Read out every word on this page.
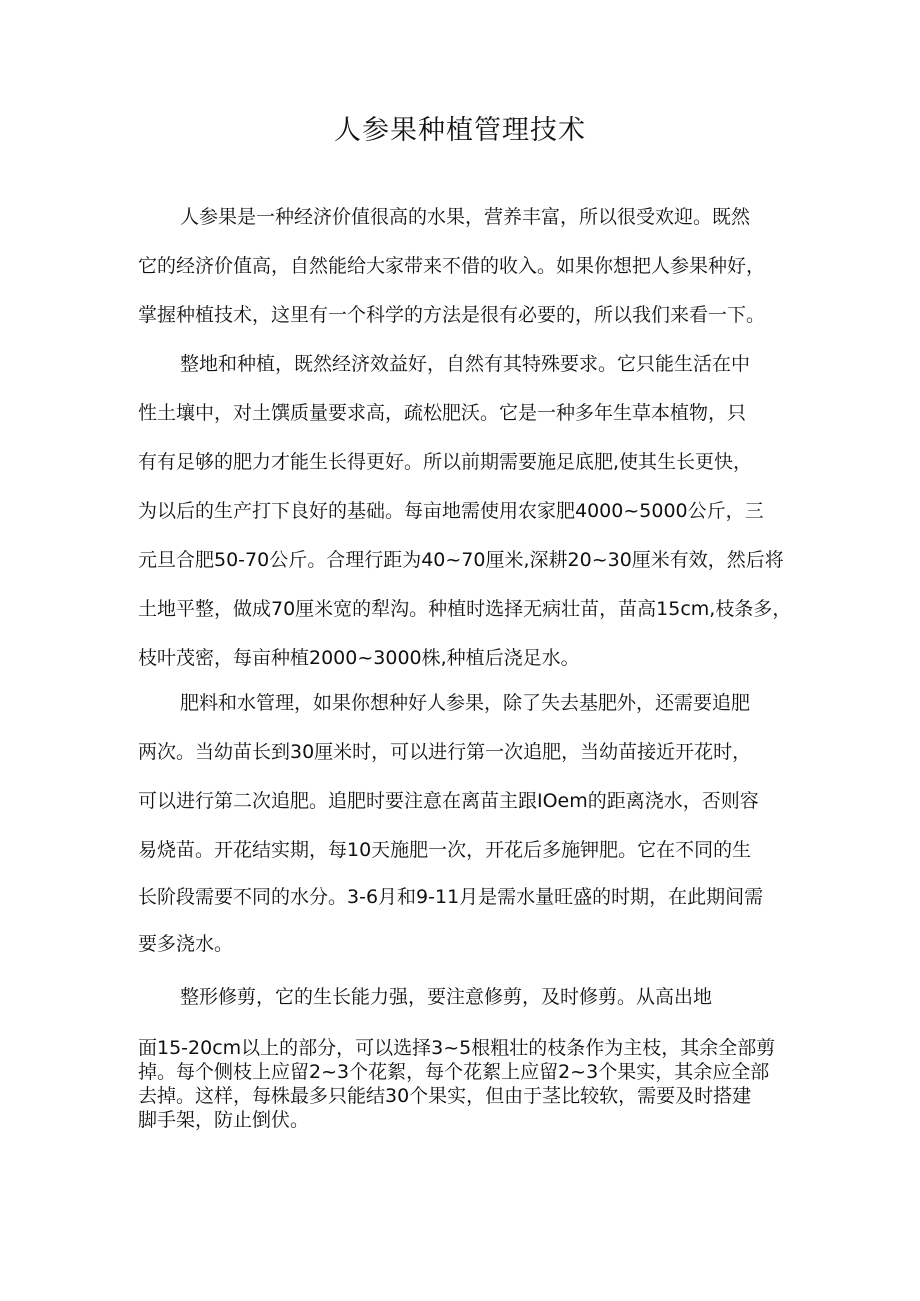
人参果种植管理技术

人参果是一种经济价值很高的水果，营养丰富，所以很受欢迎。既然

它的经济价值高，自然能给大家带来不借的收入。如果你想把人参果种好，

掌握种植技术，这里有一个科学的方法是很有必要的，所以我们来看一下。

整地和种植，既然经济效益好，自然有其特殊要求。它只能生活在中

性土壤中，对土馔质量要求高，疏松肥沃。它是一种多年生草本植物，只

有有足够的肥力才能生长得更好。所以前期需要施足底肥,使其生长更快，

为以后的生产打下良好的基础。每亩地需使用农家肥4000~5000公斤，三

元旦合肥50-70公斤。合理行距为40~70厘米,深耕20~30厘米有效，然后将

土地平整，做成70厘米宽的犁沟。种植时选择无病壮苗，苗高15cm,枝条多，

枝叶茂密，每亩种植2000~3000株,种植后浇足水。

肥料和水管理，如果你想种好人参果，除了失去基肥外，还需要追肥

两次。当幼苗长到30厘米时，可以进行第一次追肥，当幼苗接近开花时，

可以进行第二次追肥。追肥时要注意在离苗主跟IOem的距离浇水，否则容

易烧苗。开花结实期，每10天施肥一次，开花后多施钾肥。它在不同的生

长阶段需要不同的水分。3-6月和9-11月是需水量旺盛的时期，在此期间需

要多浇水。

整形修剪，它的生长能力强，要注意修剪，及时修剪。从高出地

面15-20cm以上的部分，可以选择3~5根粗壮的枝条作为主枝，其余全部剪

掉。每个侧枝上应留2~3个花絮，每个花絮上应留2~3个果实，其余应全部

去掉。这样，每株最多只能结30个果实，但由于茎比较软，需要及时搭建

脚手架，防止倒伏。
